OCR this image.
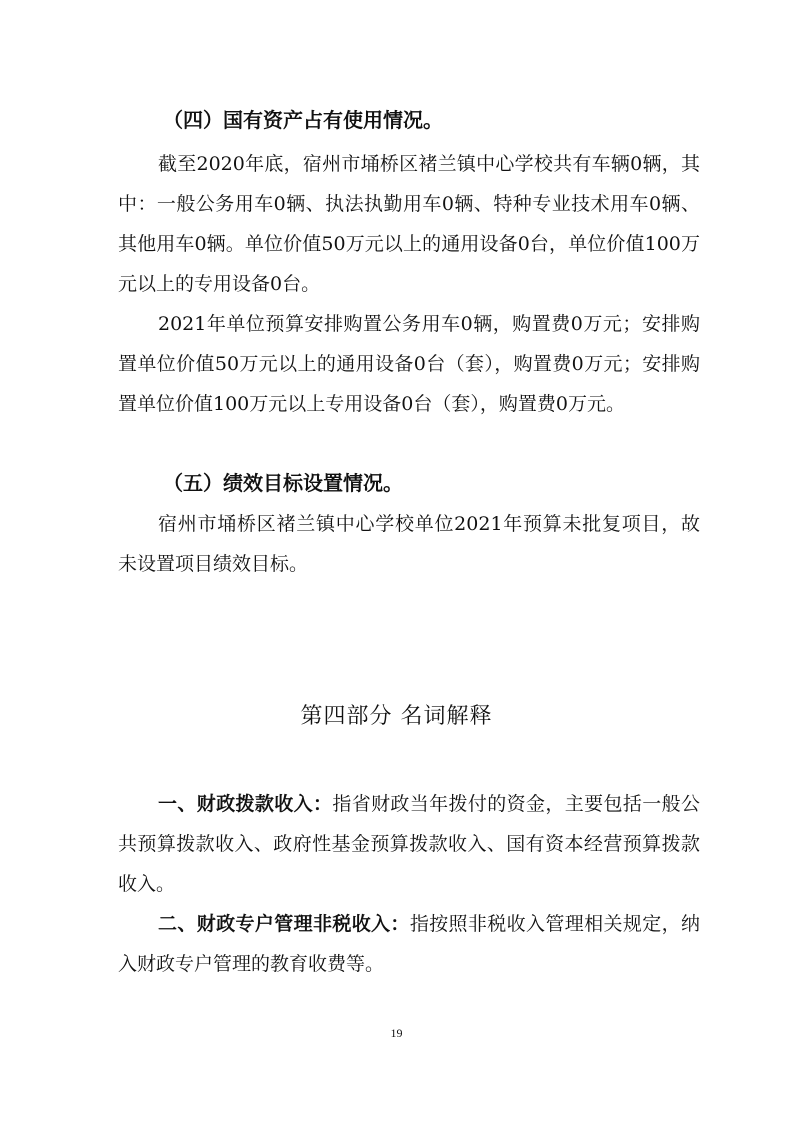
（四）国有资产占有使用情况。

截至2020年底，宿州市埇桥区褚兰镇中心学校共有车辆0辆，其中：一般公务用车0辆、执法执勤用车0辆、特种专业技术用车0辆、其他用车0辆。单位价值50万元以上的通用设备0台，单位价值100万元以上的专用设备0台。

2021年单位预算安排购置公务用车0辆，购置费0万元；安排购置单位价值50万元以上的通用设备0台（套），购置费0万元；安排购置单位价值100万元以上专用设备0台（套），购置费0万元。

（五）绩效目标设置情况。

宿州市埇桥区褚兰镇中心学校单位2021年预算未批复项目，故未设置项目绩效目标。

第四部分 名词解释

一、财政拨款收入：指省财政当年拨付的资金，主要包括一般公共预算拨款收入、政府性基金预算拨款收入、国有资本经营预算拨款收入。

二、财政专户管理非税收入：指按照非税收入管理相关规定，纳入财政专户管理的教育收费等。

19
